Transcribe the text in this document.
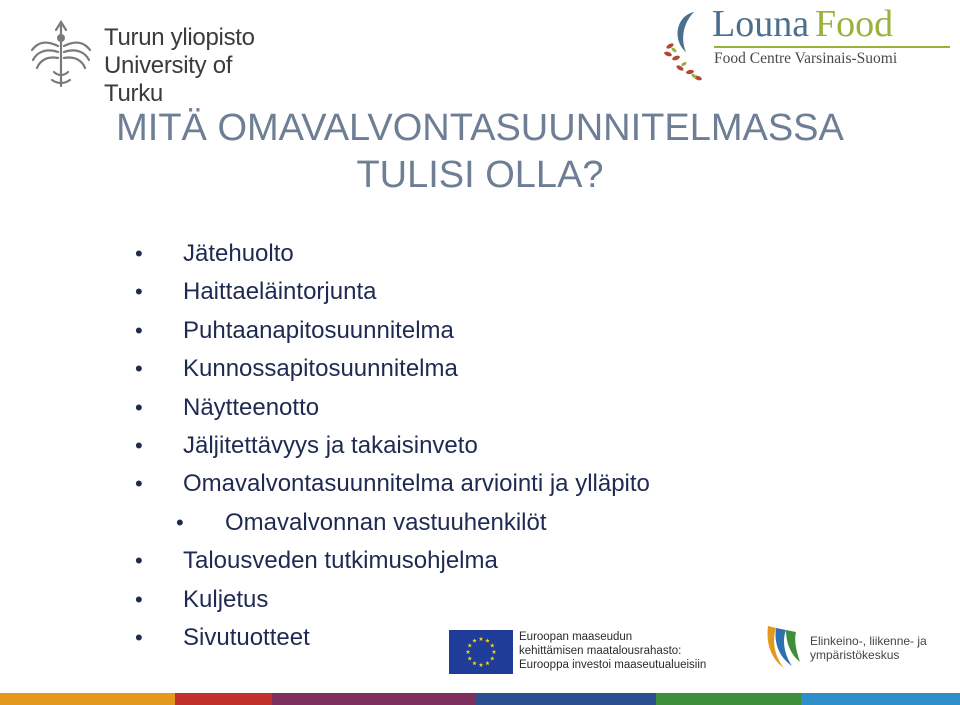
Turun yliopisto
University of Turku
Louna Food
Food Centre Varsinais-Suomi
MITÄ OMAVALVONTASUUNNITELMASSA
TULISI OLLA?
• Jätehuolto
• Haittaeläintorjunta
• Puhtaanapitosuunnitelma
• Kunnossapitosuunnitelma
• Näytteenotto
• Jäljitettävyys ja takaisinveto
• Omavalvontasuunnitelma arviointi ja ylläpito
• Omavalvonnan vastuuhenkilöt
• Talousveden tutkimusohjelma
• Kuljetus
• Sivutuotteet	Euroopan maaseudun
kehittämisen maatalousrahasto:
Eurooppa investoi maaseutualueisiin
Elinkeino-, liikenne- ja
ympäristökeskus
